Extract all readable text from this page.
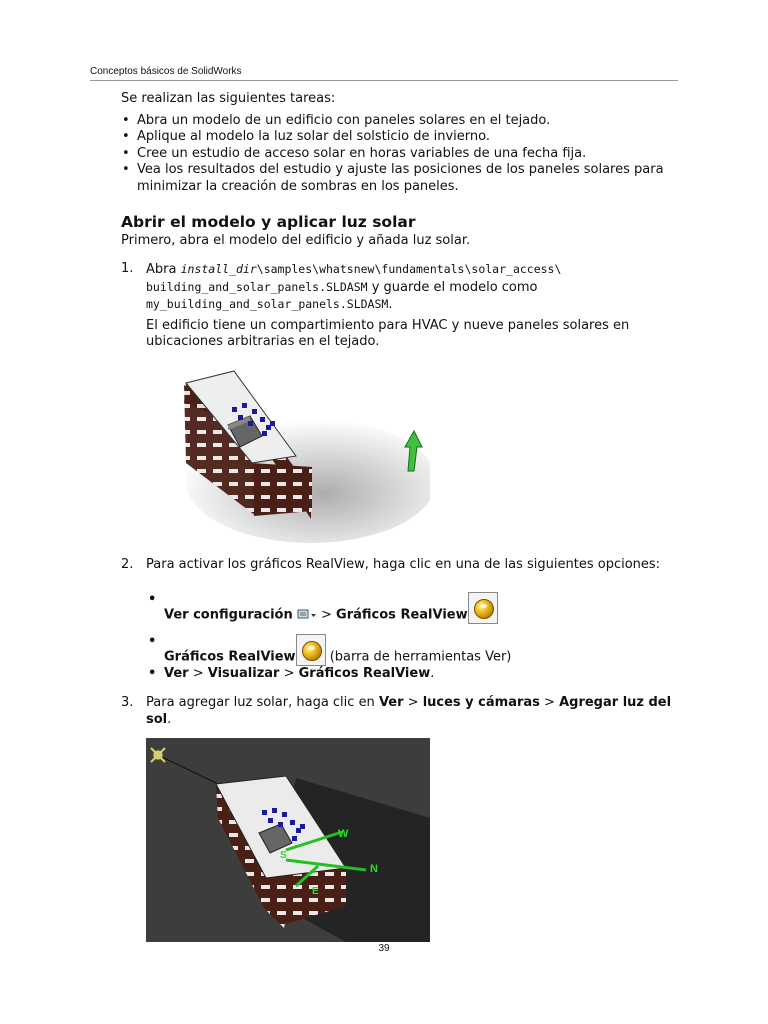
Conceptos básicos de SolidWorks

Se realizan las siguientes tareas:

• Abra un modelo de un edificio con paneles solares en el tejado.
• Aplique al modelo la luz solar del solsticio de invierno.
• Cree un estudio de acceso solar en horas variables de una fecha fija.
• Vea los resultados del estudio y ajuste las posiciones de los paneles solares para minimizar la creación de sombras en los paneles.
Abrir el modelo y aplicar luz solar

Primero, abra el modelo del edificio y añada luz solar.

1. Abra install_dir\samples\whatsnew\fundamentals\solar_access\ building_and_solar_panels.SLDASM y guarde el modelo como
my_building_and_solar_panels.SLDASM.

El edificio tiene un compartimiento para HVAC y nueve paneles solares en ubicaciones arbitrarias en el tejado.

2. Para activar los gráficos RealView, haga clic en una de las siguientes opciones:

• Ver configuración  > Gráficos RealView
• Gráficos RealView
(barra de herramientas Ver)
• Ver > Visualizar > Gráficos RealView.
3. Para agregar luz solar, haga clic en Ver > luces y cámaras > Agregar luz del sol.

W
N
S
E
39
